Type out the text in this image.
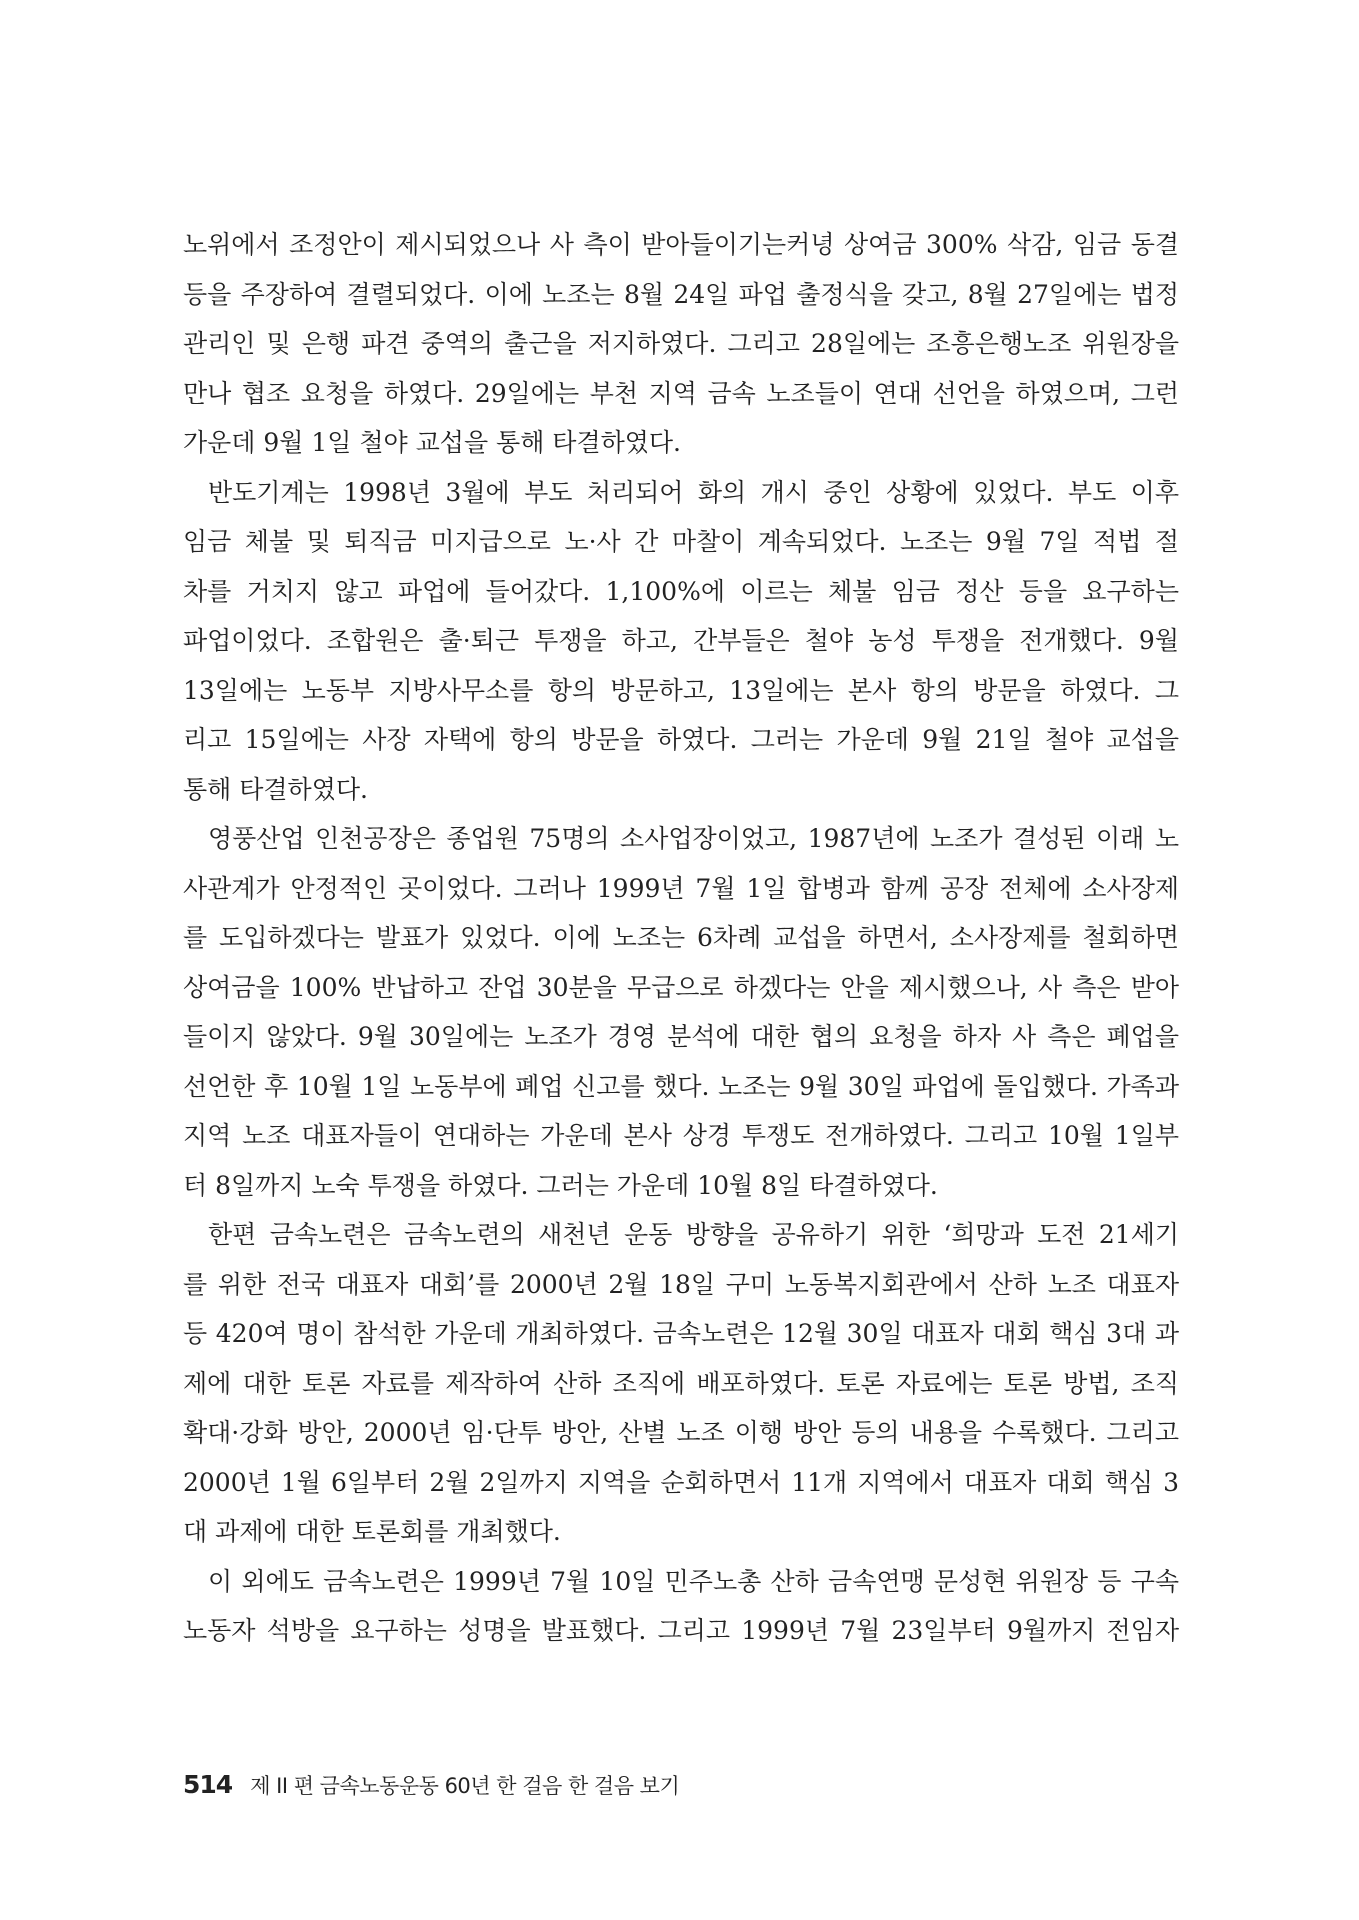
노위에서 조정안이 제시되었으나 사 측이 받아들이기는커녕 상여금 300% 삭감, 임금 동결
등을 주장하여 결렬되었다. 이에 노조는 8월 24일 파업 출정식을 갖고, 8월 27일에는 법정
관리인 및 은행 파견 중역의 출근을 저지하였다. 그리고 28일에는 조흥은행노조 위원장을
만나 협조 요청을 하였다. 29일에는 부천 지역 금속 노조들이 연대 선언을 하였으며, 그런
가운데 9월 1일 철야 교섭을 통해 타결하였다.
반도기계는 1998년 3월에 부도 처리되어 화의 개시 중인 상황에 있었다. 부도 이후
임금 체불 및 퇴직금 미지급으로 노·사 간 마찰이 계속되었다. 노조는 9월 7일 적법 절
차를 거치지 않고 파업에 들어갔다. 1,100%에 이르는 체불 임금 정산 등을 요구하는
파업이었다. 조합원은 출·퇴근 투쟁을 하고, 간부들은 철야 농성 투쟁을 전개했다. 9월
13일에는 노동부 지방사무소를 항의 방문하고, 13일에는 본사 항의 방문을 하였다. 그
리고 15일에는 사장 자택에 항의 방문을 하였다. 그러는 가운데 9월 21일 철야 교섭을
통해 타결하였다.
영풍산업 인천공장은 종업원 75명의 소사업장이었고, 1987년에 노조가 결성된 이래 노
사관계가 안정적인 곳이었다. 그러나 1999년 7월 1일 합병과 함께 공장 전체에 소사장제
를 도입하겠다는 발표가 있었다. 이에 노조는 6차례 교섭을 하면서, 소사장제를 철회하면
상여금을 100% 반납하고 잔업 30분을 무급으로 하겠다는 안을 제시했으나, 사 측은 받아
들이지 않았다. 9월 30일에는 노조가 경영 분석에 대한 협의 요청을 하자 사 측은 폐업을
선언한 후 10월 1일 노동부에 폐업 신고를 했다. 노조는 9월 30일 파업에 돌입했다. 가족과
지역 노조 대표자들이 연대하는 가운데 본사 상경 투쟁도 전개하였다. 그리고 10월 1일부
터 8일까지 노숙 투쟁을 하였다. 그러는 가운데 10월 8일 타결하였다.
한편 금속노련은 금속노련의 새천년 운동 방향을 공유하기 위한 ‘희망과 도전 21세기
를 위한 전국 대표자 대회’를 2000년 2월 18일 구미 노동복지회관에서 산하 노조 대표자
등 420여 명이 참석한 가운데 개최하였다. 금속노련은 12월 30일 대표자 대회 핵심 3대 과
제에 대한 토론 자료를 제작하여 산하 조직에 배포하였다. 토론 자료에는 토론 방법, 조직
확대·강화 방안, 2000년 임·단투 방안, 산별 노조 이행 방안 등의 내용을 수록했다. 그리고
2000년 1월 6일부터 2월 2일까지 지역을 순회하면서 11개 지역에서 대표자 대회 핵심 3
대 과제에 대한 토론회를 개최했다.
이 외에도 금속노련은 1999년 7월 10일 민주노총 산하 금속연맹 문성현 위원장 등 구속
노동자 석방을 요구하는 성명을 발표했다. 그리고 1999년 7월 23일부터 9월까지 전임자
514 제 II 편 금속노동운동 60년 한 걸음 한 걸음 보기
